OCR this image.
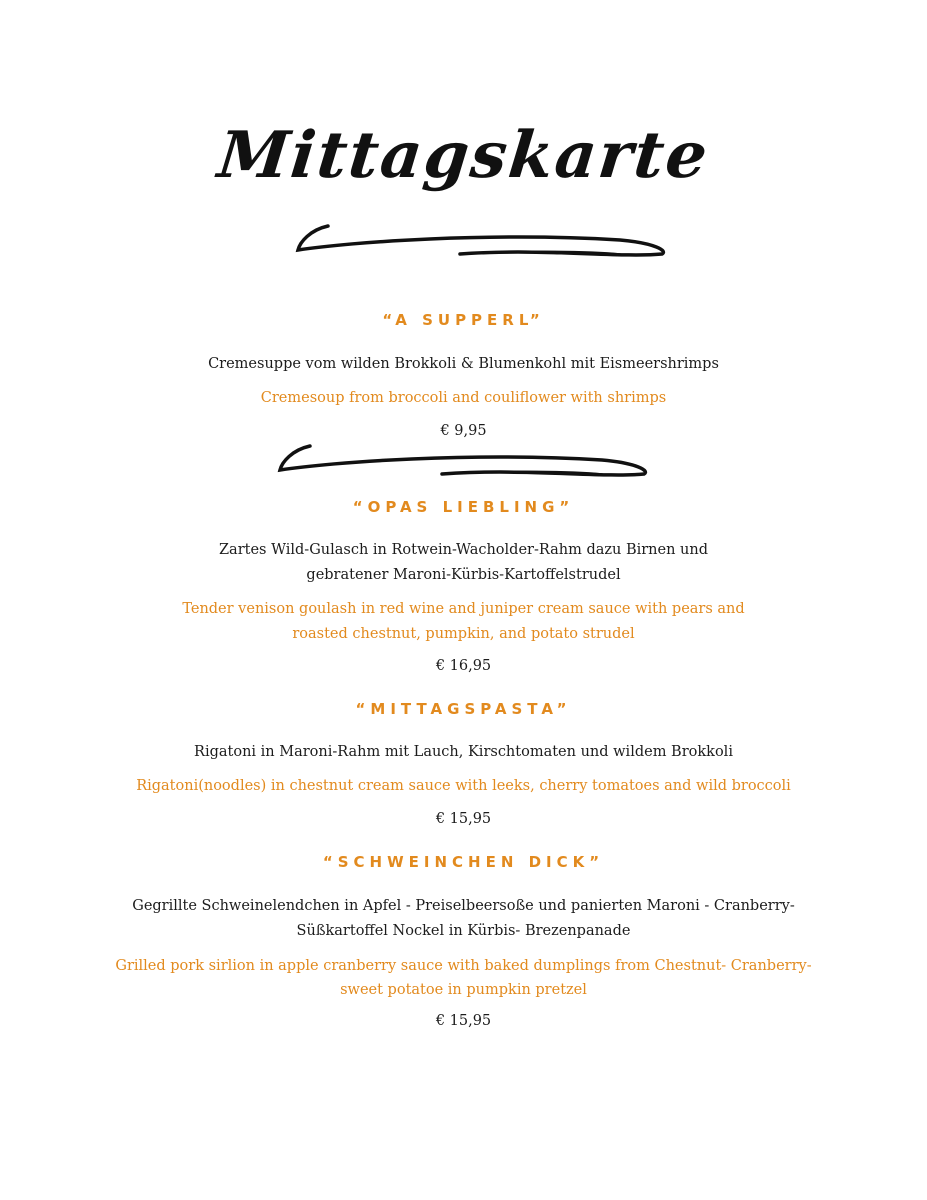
Mittagskarte
“A SUPPERL”
Cremesuppe vom wilden Brokkoli & Blumenkohl mit Eismeershrimps
Cremesoup from broccoli and couliflower with shrimps
€ 9,95
“OPAS LIEBLING”
Zartes Wild-Gulasch in Rotwein-Wacholder-Rahm dazu Birnen und
gebratener Maroni-Kürbis-Kartoffelstrudel
Tender venison goulash in red wine and juniper cream sauce with pears and
roasted chestnut, pumpkin, and potato strudel
€ 16,95
“MITTAGSPASTA”
Rigatoni in Maroni-Rahm mit Lauch, Kirschtomaten und wildem Brokkoli
Rigatoni(noodles) in chestnut cream sauce with leeks, cherry tomatoes and wild broccoli
€ 15,95
“SCHWEINCHEN DICK”
Gegrillte Schweinelendchen in Apfel - Preiselbeersoße und panierten Maroni - Cranberry-
Süßkartoffel Nockel in Kürbis- Brezenpanade
Grilled pork sirlion in apple cranberry sauce with baked dumplings from Chestnut- Cranberry-
sweet potatoe in pumpkin pretzel
€ 15,95
